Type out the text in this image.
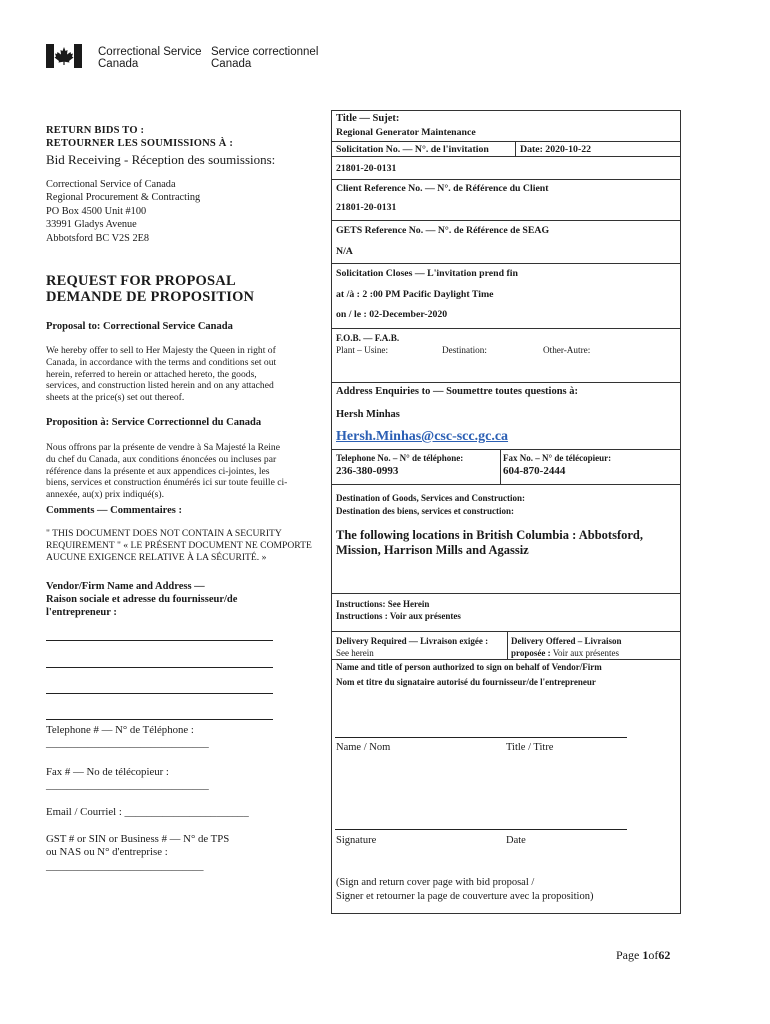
Correctional Service
Canada
Service correctionnel
Canada
RETURN BIDS TO :
RETOURNER LES SOUMISSIONS À :
Bid Receiving - Réception des soumissions:
Correctional Service of Canada
Regional Procurement & Contracting
PO Box 4500 Unit #100
33991 Gladys Avenue
Abbotsford BC V2S 2E8
REQUEST FOR PROPOSAL
DEMANDE DE PROPOSITION
Proposal to: Correctional Service Canada
We hereby offer to sell to Her Majesty the Queen in right of
Canada, in accordance with the terms and conditions set out
herein, referred to herein or attached hereto, the goods,
services, and construction listed herein and on any attached
sheets at the price(s) set out thereof.
Proposition à: Service Correctionnel du Canada
Nous offrons par la présente de vendre à Sa Majesté la Reine
du chef du Canada, aux conditions énoncées ou incluses par
référence dans la présente et aux appendices ci-jointes, les
biens, services et construction énumérés ici sur toute feuille ci-
annexée, au(x) prix indiqué(s).
Comments — Commentaires :
" THIS DOCUMENT DOES NOT CONTAIN A SECURITY
REQUIREMENT " « LE PRÉSENT DOCUMENT NE COMPORTE
AUCUNE EXIGENCE RELATIVE À LA SÉCURITÉ. »
Vendor/Firm Name and Address —
Raison sociale et adresse du fournisseur/de
l'entrepreneur :
Telephone # — N° de Téléphone :
_______________________________
Fax # — No de télécopieur :
_______________________________
Email / Courriel : _______________________
GST # or SIN or Business # — N° de TPS
ou NAS ou N° d'entreprise :
______________________________
Title — Sujet:
Regional Generator Maintenance
Solicitation No. — N°. de l'invitation	Date: 2020-10-22
21801-20-0131
Client Reference No. — N°. de Référence du Client
21801-20-0131
GETS Reference No. — N°. de Référence de SEAG
N/A
Solicitation Closes — L'invitation prend fin
at /à : 2 :00 PM Pacific Daylight Time
on / le : 02-December-2020
F.O.B. — F.A.B.
Plant – Usine:	Destination:	Other-Autre:
Address Enquiries to — Soumettre toutes questions à:
Hersh Minhas
Hersh.Minhas@csc-scc.gc.ca
Telephone No. – N° de téléphone:
236-380-0993
Fax No. – N° de télécopieur:
604-870-2444
Destination of Goods, Services and Construction:
Destination des biens, services et construction:
The following locations in British Columbia : Abbotsford,
Mission, Harrison Mills and Agassiz
Instructions: See Herein
Instructions : Voir aux présentes
Delivery Required — Livraison exigée :
See herein
Delivery Offered – Livraison
proposée : Voir aux présentes
Name and title of person authorized to sign on behalf of Vendor/Firm
Nom et titre du signataire autorisé du fournisseur/de l'entrepreneur
Name / Nom	Title / Titre
Signature	Date
(Sign and return cover page with bid proposal /
Signer et retourner la page de couverture avec la proposition)
Page 1of62
